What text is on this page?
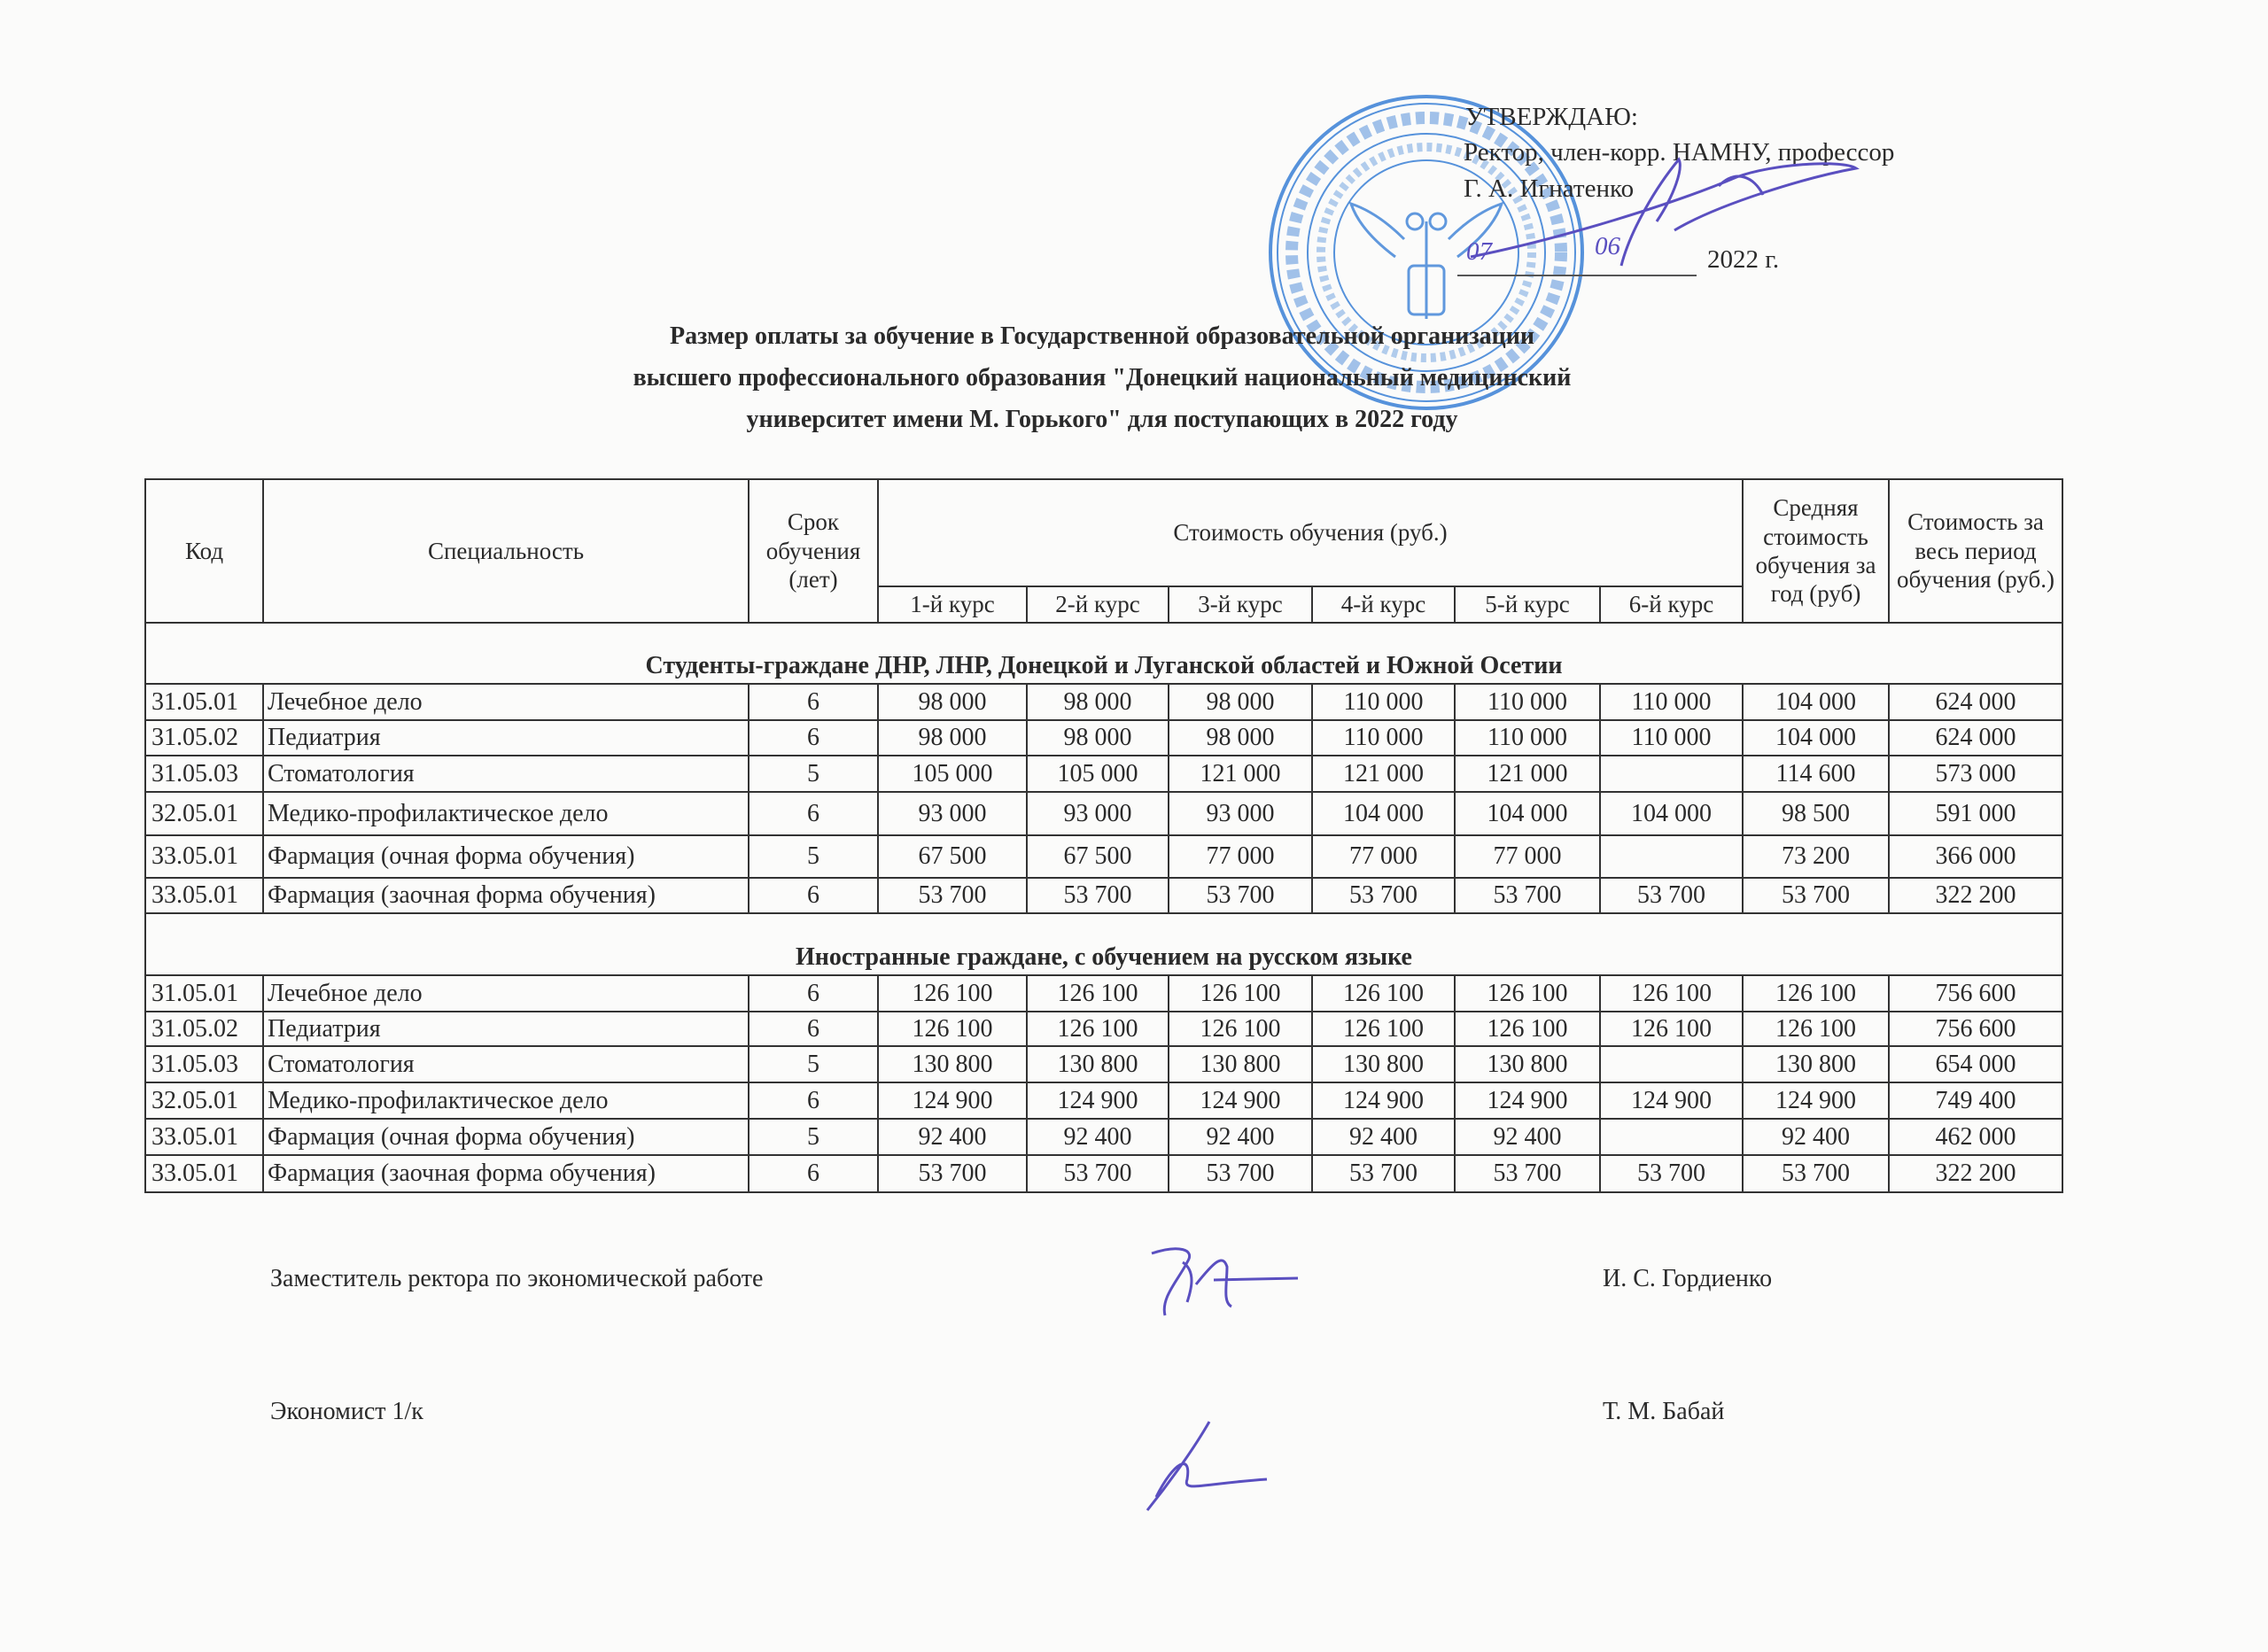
УТВЕРЖДАЮ:
Ректор, член-корр. НАМНУ, профессор
Г. А. Игнатенко
07	06	2022 г.
Размер оплаты за обучение в Государственной образовательной организации
высшего профессионального образования "Донецкий национальный медицинский
университет имени М. Горького" для поступающих в 2022 году
Код	Специальность	Срок обучения (лет)	Стоимость обучения (руб.)						Средняя стоимость обучения за год (руб)	Стоимость за весь период обучения (руб.)
			1-й курс	2-й курс	3-й курс	4-й курс	5-й курс	6-й курс		
Студенты-граждане ДНР, ЛНР, Донецкой и Луганской областей и Южной Осетии										
31.05.01	Лечебное дело	6	98 000	98 000	98 000	110 000	110 000	110 000	104 000	624 000
31.05.02	Педиатрия	6	98 000	98 000	98 000	110 000	110 000	110 000	104 000	624 000
31.05.03	Стоматология	5	105 000	105 000	121 000	121 000	121 000		114 600	573 000
32.05.01	Медико-профилактическое дело	6	93 000	93 000	93 000	104 000	104 000	104 000	98 500	591 000
33.05.01	Фармация (очная форма обучения)	5	67 500	67 500	77 000	77 000	77 000		73 200	366 000
33.05.01	Фармация (заочная форма обучения)	6	53 700	53 700	53 700	53 700	53 700	53 700	53 700	322 200
Иностранные граждане, с обучением на русском языке										
31.05.01	Лечебное дело	6	126 100	126 100	126 100	126 100	126 100	126 100	126 100	756 600
31.05.02	Педиатрия	6	126 100	126 100	126 100	126 100	126 100	126 100	126 100	756 600
31.05.03	Стоматология	5	130 800	130 800	130 800	130 800	130 800		130 800	654 000
32.05.01	Медико-профилактическое дело	6	124 900	124 900	124 900	124 900	124 900	124 900	124 900	749 400
33.05.01	Фармация (очная форма обучения)	5	92 400	92 400	92 400	92 400	92 400		92 400	462 000
33.05.01	Фармация (заочная форма обучения)	6	53 700	53 700	53 700	53 700	53 700	53 700	53 700	322 200
Заместитель ректора по экономической работе	И. С. Гордиенко
Экономист 1/к	Т. М. Бабай
